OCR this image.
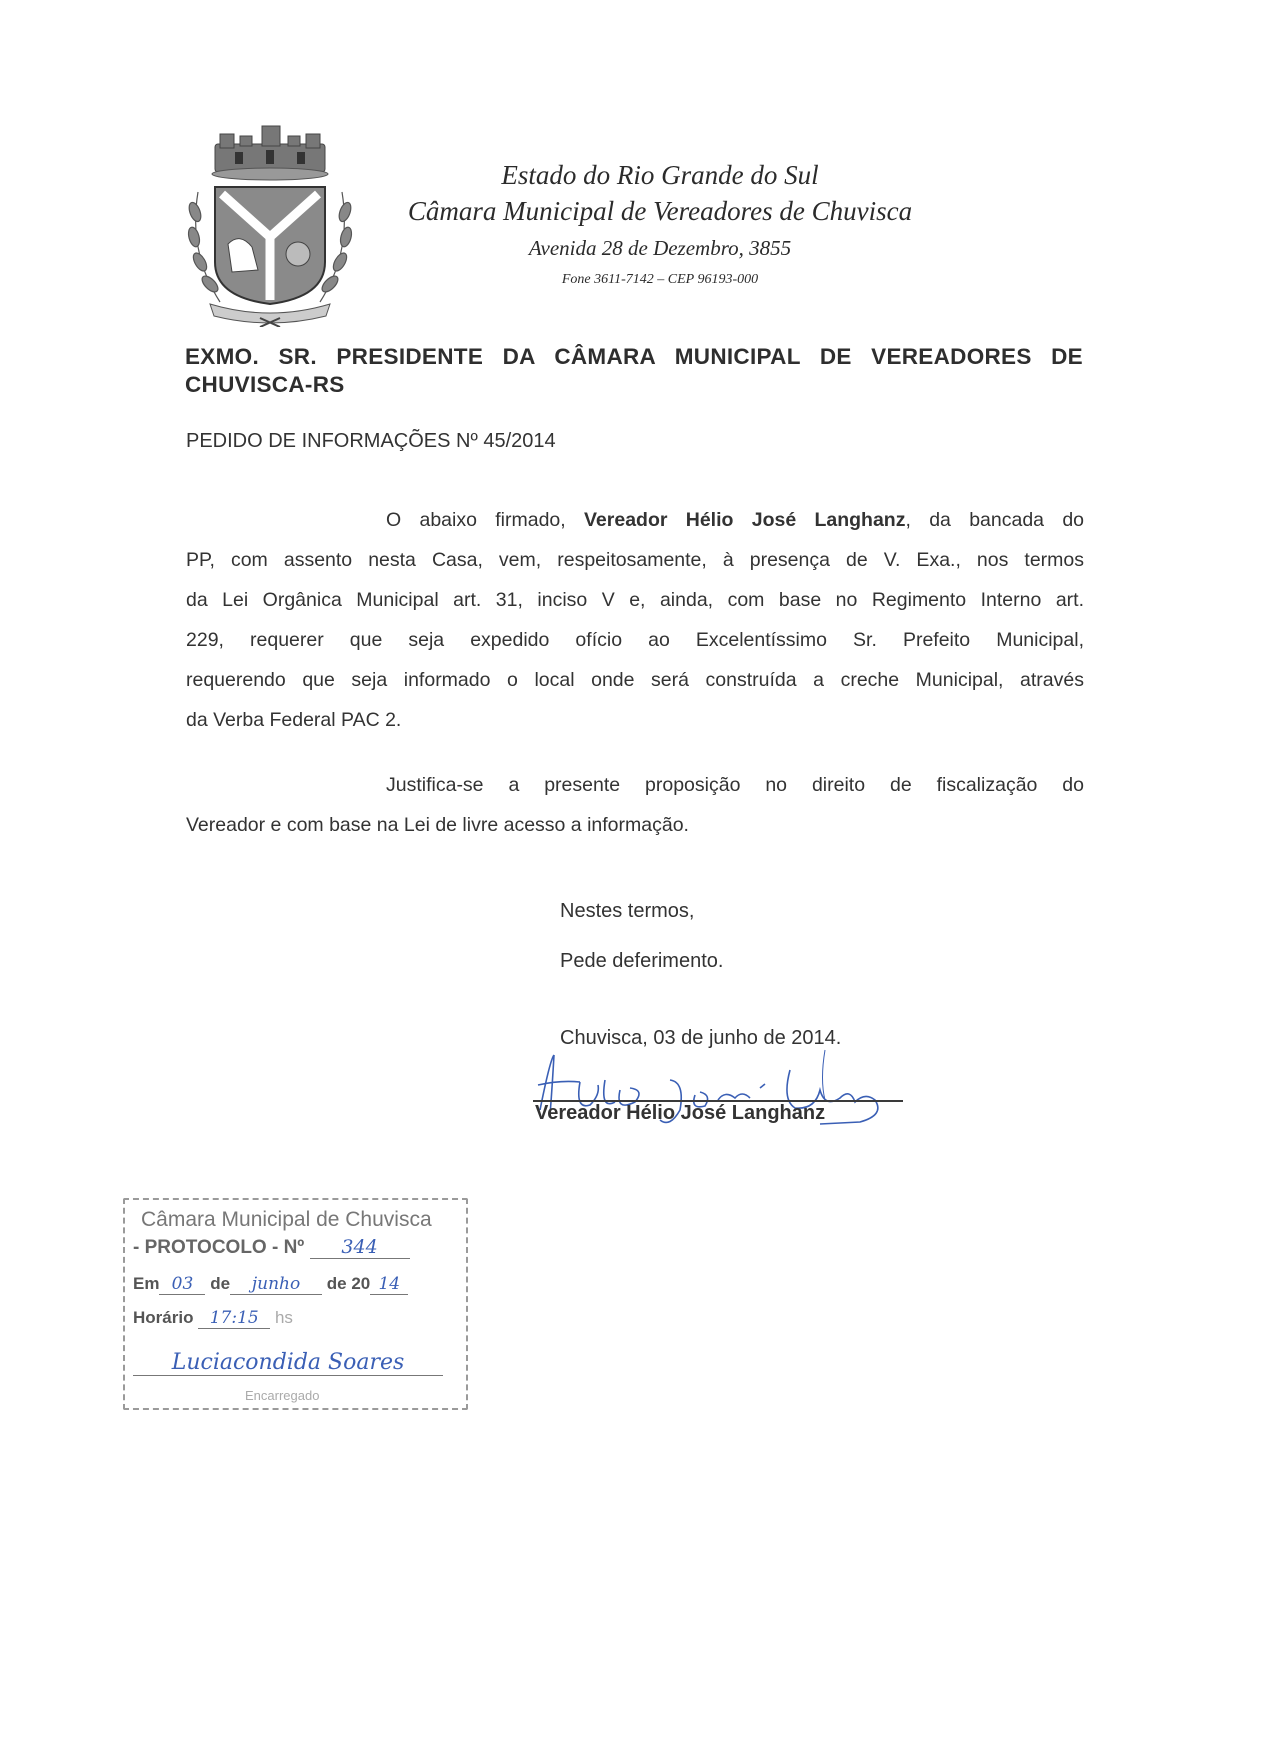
Estado do Rio Grande do Sul
Câmara Municipal de Vereadores de Chuvisca
Avenida 28 de Dezembro, 3855
Fone 3611-7142 – CEP 96193-000
EXMO. SR. PRESIDENTE DA CÂMARA MUNICIPAL DE VEREADORES DE
CHUVISCA-RS
PEDIDO DE INFORMAÇÕES Nº 45/2014
O abaixo firmado, Vereador Hélio José Langhanz, da bancada do
PP, com assento nesta Casa, vem, respeitosamente, à presença de V. Exa., nos termos
da Lei Orgânica Municipal art. 31, inciso V e, ainda, com base no Regimento Interno art.
229, requerer que seja expedido ofício ao Excelentíssimo Sr. Prefeito Municipal,
requerendo que seja informado o local onde será construída a creche Municipal, através
da Verba Federal PAC 2.
Justifica-se a presente proposição no direito de fiscalização do
Vereador e com base na Lei de livre acesso a informação.
Nestes termos,
Pede deferimento.
Chuvisca, 03 de junho de 2014.
Vereador Hélio José Langhanz
Câmara Municipal de Chuvisca
- PROTOCOLO - Nº 344
Em 03 de junho de 20 14
Horário 17:15 hs
Luciacondida Soares
Encarregado
